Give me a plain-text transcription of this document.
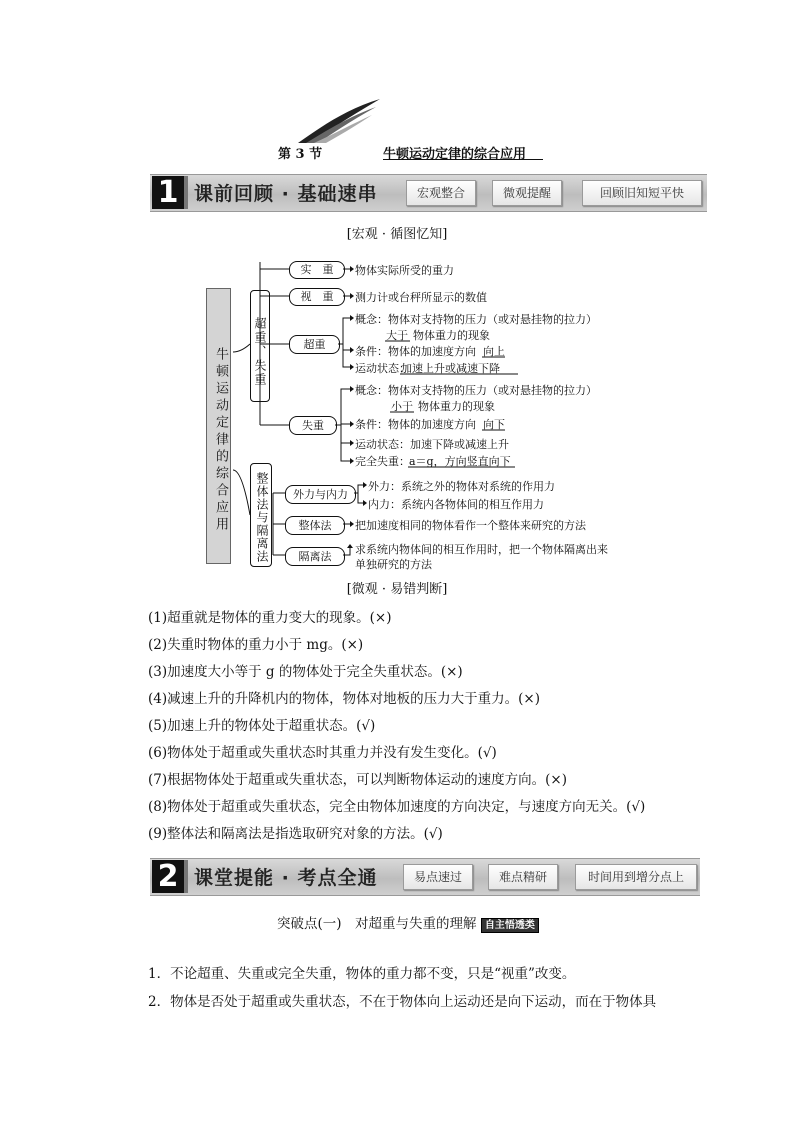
第 3 节	牛顿运动定律的综合应用
1 课前回顾 · 基础速串	宏观整合	微观提醒	回顾旧知短平快
[宏观 · 循图忆知]
牛顿运动定律的综合应用 超重、失重
整体法与隔离法
实　重
视　重
超重
失重
外力与内力
整体法
隔离法
物体实际所受的重力
测力计或台秤所显示的数值
概念：物体对支持物的压力（或对悬挂物的拉力）
大于 物体重力的现象
条件：物体的加速度方向 向上
运动状态：
加速上升或减速下降
概念：物体对支持物的压力（或对悬挂物的拉力）
小于 物体重力的现象
条件：物体的加速度方向 向下
运动状态：加速下降或减速上升
完全失重： a＝g，方向竖直向下
外力：系统之外的物体对系统的作用力
内力：系统内各物体间的相互作用力
把加速度相同的物体看作一个整体来研究的方法
求系统内物体间的相互作用时，把一个物体隔离出来
单独研究的方法
[微观 · 易错判断]
(1)超重就是物体的重力变大的现象。(×)
(2)失重时物体的重力小于 mg。(×)
(3)加速度大小等于 g 的物体处于完全失重状态。(×)
(4)减速上升的升降机内的物体，物体对地板的压力大于重力。(×)
(5)加速上升的物体处于超重状态。(√)
(6)物体处于超重或失重状态时其重力并没有发生变化。(√)
(7)根据物体处于超重或失重状态，可以判断物体运动的速度方向。(×)
(8)物体处于超重或失重状态，完全由物体加速度的方向决定，与速度方向无关。(√)
(9)整体法和隔离法是指选取研究对象的方法。(√)
2 课堂提能 · 考点全通	易点速过	难点精研	时间用到增分点上
突破点(一)　对超重与失重的理解 自主悟透类
1．不论超重、失重或完全失重，物体的重力都不变，只是“视重”改变。
2．物体是否处于超重或失重状态，不在于物体向上运动还是向下运动，而在于物体具
